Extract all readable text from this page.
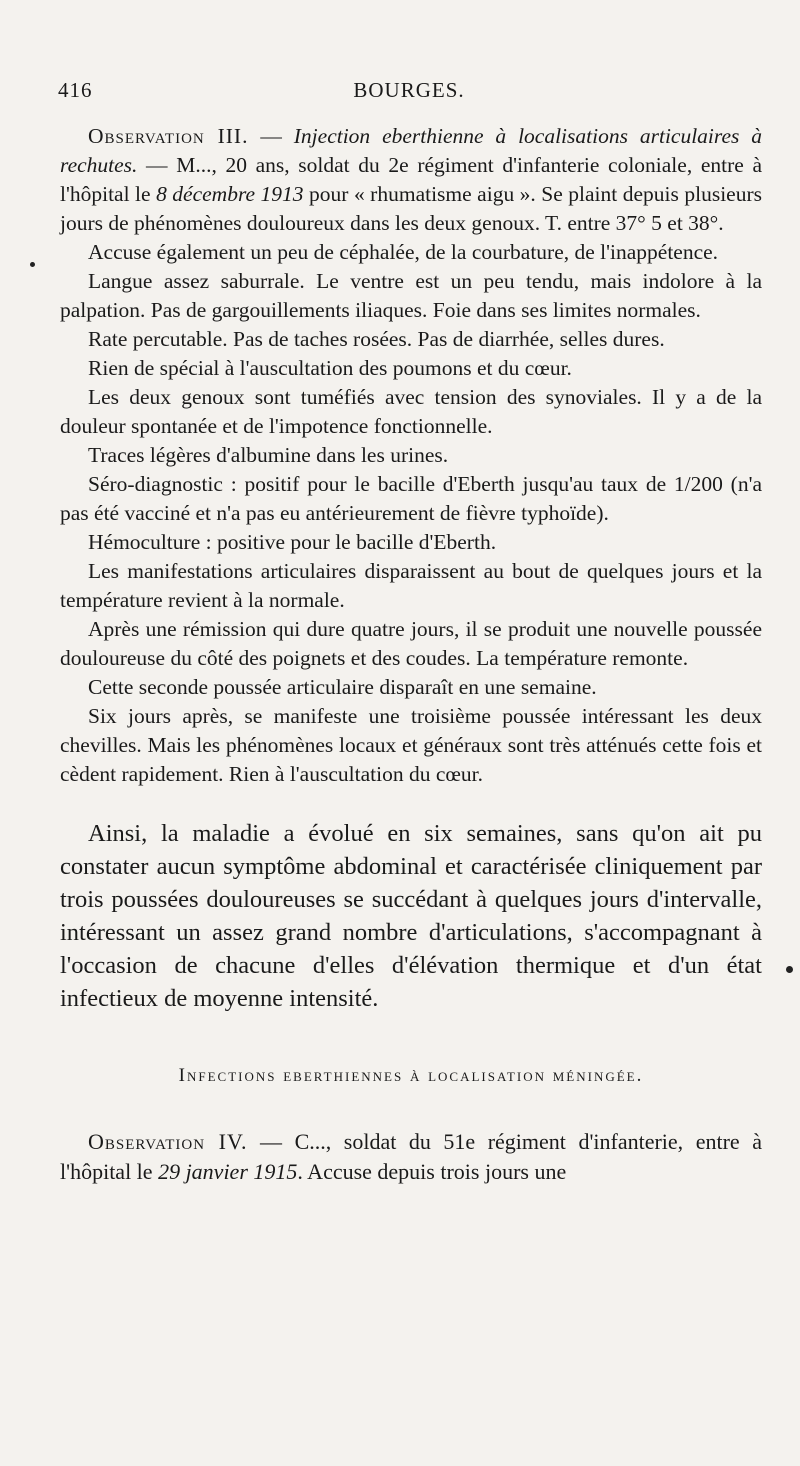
416	BOURGES.

Observation III. — Injection eberthienne à localisations articulaires à rechutes. — M..., 20 ans, soldat du 2e régiment d'infanterie coloniale, entre à l'hôpital le 8 décembre 1913 pour « rhumatisme aigu ». Se plaint depuis plusieurs jours de phénomènes douloureux dans les deux genoux. T. entre 37° 5 et 38°.

Accuse également un peu de céphalée, de la courbature, de l'inappétence.

Langue assez saburrale. Le ventre est un peu tendu, mais indolore à la palpation. Pas de gargouillements iliaques. Foie dans ses limites normales.

Rate percutable. Pas de taches rosées. Pas de diarrhée, selles dures.

Rien de spécial à l'auscultation des poumons et du cœur.

Les deux genoux sont tuméfiés avec tension des synoviales. Il y a de la douleur spontanée et de l'impotence fonctionnelle.

Traces légères d'albumine dans les urines.

Séro-diagnostic : positif pour le bacille d'Eberth jusqu'au taux de 1/200 (n'a pas été vacciné et n'a pas eu antérieurement de fièvre typhoïde).

Hémoculture : positive pour le bacille d'Eberth.

Les manifestations articulaires disparaissent au bout de quelques jours et la température revient à la normale.

Après une rémission qui dure quatre jours, il se produit une nouvelle poussée douloureuse du côté des poignets et des coudes. La température remonte.

Cette seconde poussée articulaire disparaît en une semaine.

Six jours après, se manifeste une troisième poussée intéressant les deux chevilles. Mais les phénomènes locaux et généraux sont très atténués cette fois et cèdent rapidement. Rien à l'auscultation du cœur.

Ainsi, la maladie a évolué en six semaines, sans qu'on ait pu constater aucun symptôme abdominal et caractérisée cliniquement par trois poussées douloureuses se succédant à quelques jours d'intervalle, intéressant un assez grand nombre d'articulations, s'accompagnant à l'occasion de chacune d'elles d'élévation thermique et d'un état infectieux de moyenne intensité.

Infections eberthiennes à localisation méningée.

Observation IV. — C..., soldat du 51e régiment d'infanterie, entre à l'hôpital le 29 janvier 1915. Accuse depuis trois jours une
